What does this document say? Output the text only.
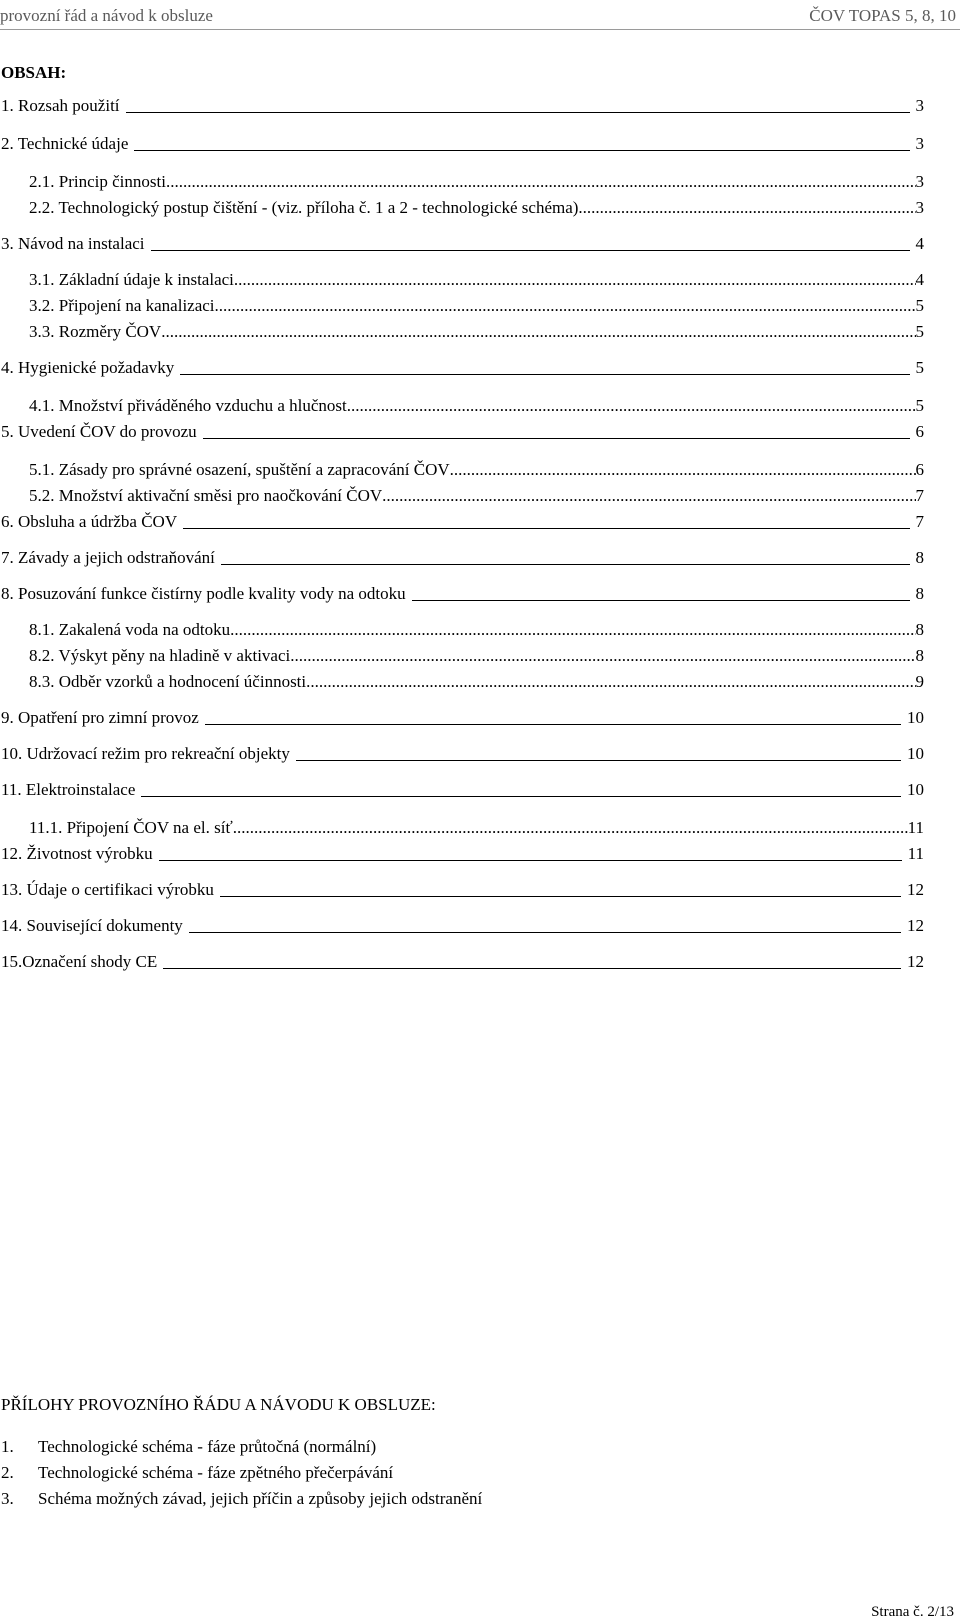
provozní řád a návod k obsluze	ČOV TOPAS 5, 8, 10
OBSAH:
1. Rozsah použití	3
2. Technické údaje	3
2.1. Princip činnosti .....	3
2.2. Technologický postup čištění - (viz. příloha č. 1 a 2 - technologické schéma) .....	3
3. Návod na instalaci	4
3.1. Základní údaje k instalaci .....	4
3.2. Připojení na kanalizaci .....	5
3.3. Rozměry ČOV .....	5
4. Hygienické požadavky	5
4.1. Množství přiváděného vzduchu a hlučnost .....	5
5. Uvedení ČOV do provozu	6
5.1. Zásady pro správné osazení, spuštění a zapracování ČOV .....	6
5.2. Množství aktivační směsi pro naočkování ČOV .....	7
6. Obsluha a údržba ČOV	7
7. Závady a jejich odstraňování	8
8. Posuzování funkce čistírny podle kvality vody na odtoku	8
8.1. Zakalená voda na odtoku .....	8
8.2. Výskyt pěny na hladině v aktivaci .....	8
8.3. Odběr vzorků a hodnocení účinnosti .....	9
9. Opatření pro zimní provoz	10
10. Udržovací režim pro rekreační objekty	10
11. Elektroinstalace	10
11.1. Připojení ČOV na el. síť .....	11
12. Životnost výrobku	11
13. Údaje o certifikaci výrobku	12
14. Související dokumenty	12
15.Označení shody CE	12
PŘÍLOHY PROVOZNÍHO ŘÁDU A NÁVODU K OBSLUZE:
1. Technologické schéma - fáze průtočná (normální)
2. Technologické schéma - fáze zpětného přečerpávání
3. Schéma možných závad, jejich příčin a způsoby jejich odstranění
Strana č. 2/13
